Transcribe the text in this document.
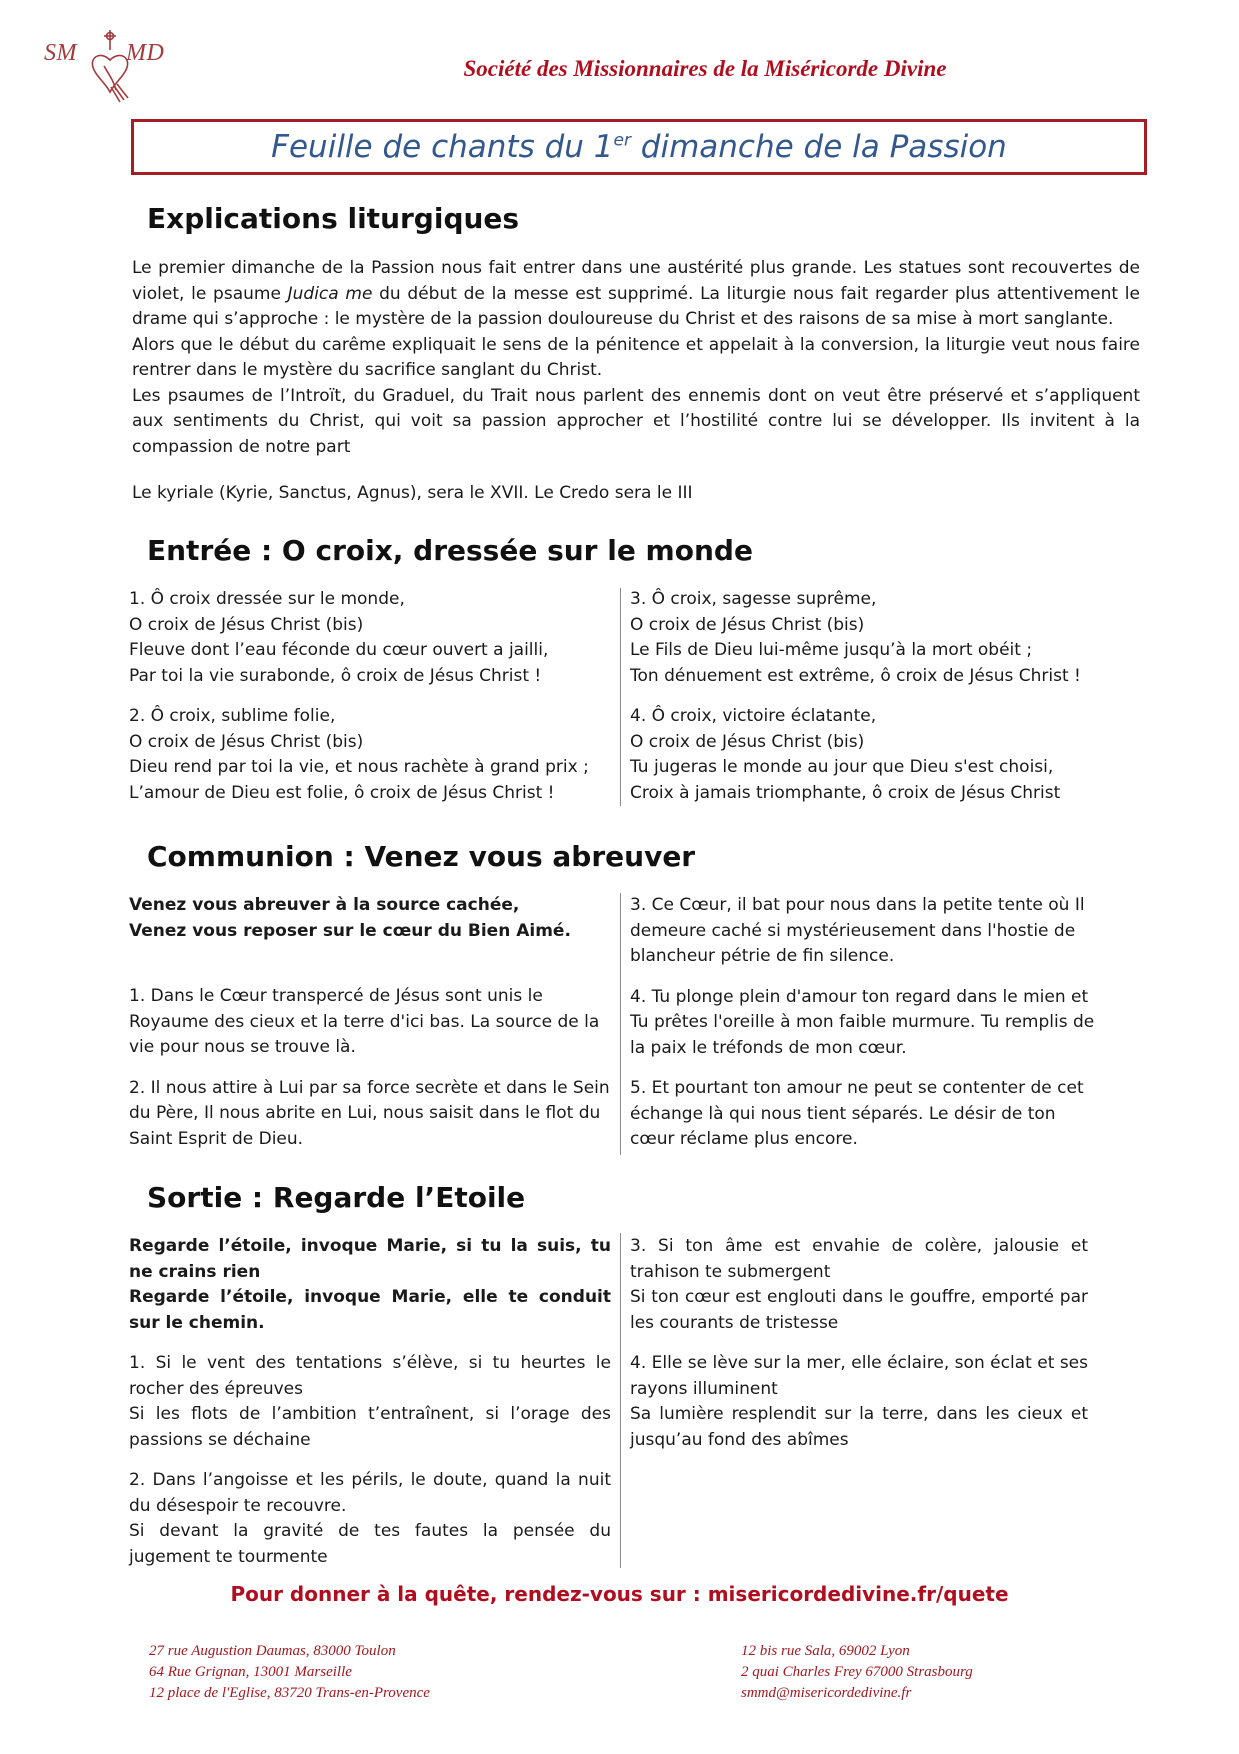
SM MD
Société des Missionnaires de la Miséricorde Divine
Feuille de chants du 1er dimanche de la Passion
Explications liturgiques
Le premier dimanche de la Passion nous fait entrer dans une austérité plus grande. Les statues sont recouvertes de violet, le psaume Judica me du début de la messe est supprimé. La liturgie nous fait regarder plus attentivement le drame qui s’approche : le mystère de la passion douloureuse du Christ et des raisons de sa mise à mort sanglante.
Alors que le début du carême expliquait le sens de la pénitence et appelait à la conversion, la liturgie veut nous faire rentrer dans le mystère du sacrifice sanglant du Christ.
Les psaumes de l’Introït, du Graduel, du Trait nous parlent des ennemis dont on veut être préservé et s’appliquent aux sentiments du Christ, qui voit sa passion approcher et l’hostilité contre lui se développer. Ils invitent à la compassion de notre part
Le kyriale (Kyrie, Sanctus, Agnus), sera le XVII. Le Credo sera le III
Entrée : O croix, dressée sur le monde
1. Ô croix dressée sur le monde,
O croix de Jésus Christ (bis)
Fleuve dont l’eau féconde du cœur ouvert a jailli,
Par toi la vie surabonde, ô croix de Jésus Christ !
2. Ô croix, sublime folie,
O croix de Jésus Christ (bis)
Dieu rend par toi la vie, et nous rachète à grand prix ;
L’amour de Dieu est folie, ô croix de Jésus Christ !
3. Ô croix, sagesse suprême,
O croix de Jésus Christ (bis)
Le Fils de Dieu lui-même jusqu’à la mort obéit ;
Ton dénuement est extrême, ô croix de Jésus Christ !
4. Ô croix, victoire éclatante,
O croix de Jésus Christ (bis)
Tu jugeras le monde au jour que Dieu s'est choisi,
Croix à jamais triomphante, ô croix de Jésus Christ
Communion : Venez vous abreuver
Venez vous abreuver à la source cachée,
Venez vous reposer sur le cœur du Bien Aimé.
1. Dans le Cœur transpercé de Jésus sont unis le Royaume des cieux et la terre d'ici bas. La source de la vie pour nous se trouve là.
2. Il nous attire à Lui par sa force secrète et dans le Sein du Père, Il nous abrite en Lui, nous saisit dans le flot du Saint Esprit de Dieu.
3. Ce Cœur, il bat pour nous dans la petite tente où Il demeure caché si mystérieusement dans l'hostie de blancheur pétrie de fin silence.
4. Tu plonge plein d'amour ton regard dans le mien et Tu prêtes l'oreille à mon faible murmure. Tu remplis de la paix le tréfonds de mon cœur.
5. Et pourtant ton amour ne peut se contenter de cet échange là qui nous tient séparés. Le désir de ton cœur réclame plus encore.
Sortie : Regarde l’Etoile
Regarde l’étoile, invoque Marie, si tu la suis, tu ne crains rien
Regarde l’étoile, invoque Marie, elle te conduit sur le chemin.
1. Si le vent des tentations s’élève, si tu heurtes le rocher des épreuves
Si les flots de l’ambition t’entraînent, si l’orage des passions se déchaine
2. Dans l’angoisse et les périls, le doute, quand la nuit du désespoir te recouvre.
Si devant la gravité de tes fautes la pensée du jugement te tourmente
3. Si ton âme est envahie de colère, jalousie et trahison te submergent
Si ton cœur est englouti dans le gouffre, emporté par les courants de tristesse
4. Elle se lève sur la mer, elle éclaire, son éclat et ses rayons illuminent
Sa lumière resplendit sur la terre, dans les cieux et jusqu’au fond des abîmes
Pour donner à la quête, rendez-vous sur : misericordedivine.fr/quete
27 rue Augustion Daumas, 83000 Toulon
64 Rue Grignan, 13001 Marseille
12 place de l'Eglise, 83720 Trans-en-Provence
12 bis rue Sala, 69002 Lyon
2 quai Charles Frey 67000 Strasbourg
smmd@misericordedivine.fr
